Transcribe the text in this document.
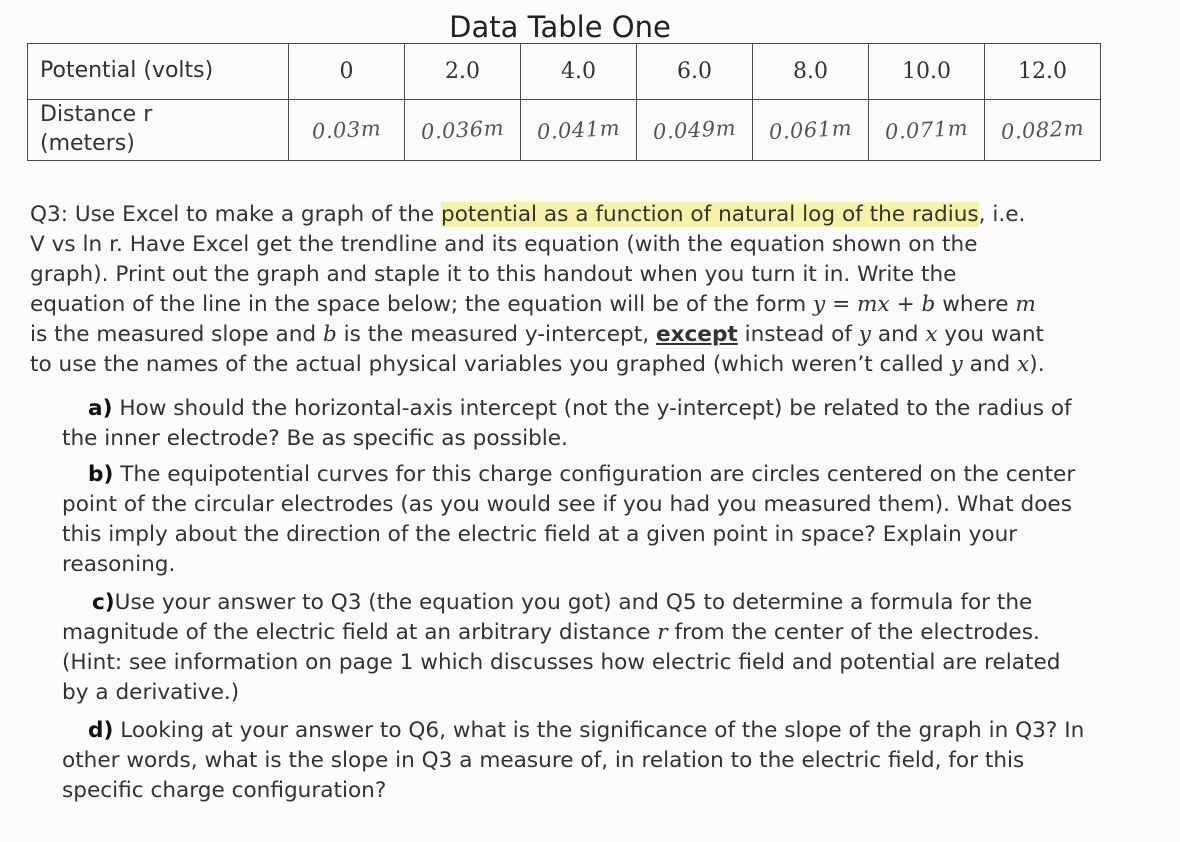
Data Table One
Potential (volts)	0	2.0	4.0	6.0	8.0	10.0	12.0

Distance r
(meters)	0.03m	0.036m	0.041m	0.049m	0.061m	0.071m	0.082m

Q3: Use Excel to make a graph of the potential as a function of natural log of the radius, i.e.

V vs ln r. Have Excel get the trendline and its equation (with the equation shown on the

graph). Print out the graph and staple it to this handout when you turn it in. Write the

equation of the line in the space below; the equation will be of the form y = mx + b where m

is the measured slope and b is the measured y-intercept, except instead of y and x you want

to use the names of the actual physical variables you graphed (which weren’t called y and x).

a) How should the horizontal-axis intercept (not the y-intercept) be related to the radius of

the inner electrode? Be as specific as possible.

b) The equipotential curves for this charge configuration are circles centered on the center

point of the circular electrodes (as you would see if you had you measured them). What does

this imply about the direction of the electric field at a given point in space? Explain your

reasoning.

c)Use your answer to Q3 (the equation you got) and Q5 to determine a formula for the

magnitude of the electric field at an arbitrary distance r from the center of the electrodes.

(Hint: see information on page 1 which discusses how electric field and potential are related

by a derivative.)

d) Looking at your answer to Q6, what is the significance of the slope of the graph in Q3? In

other words, what is the slope in Q3 a measure of, in relation to the electric field, for this

specific charge configuration?
